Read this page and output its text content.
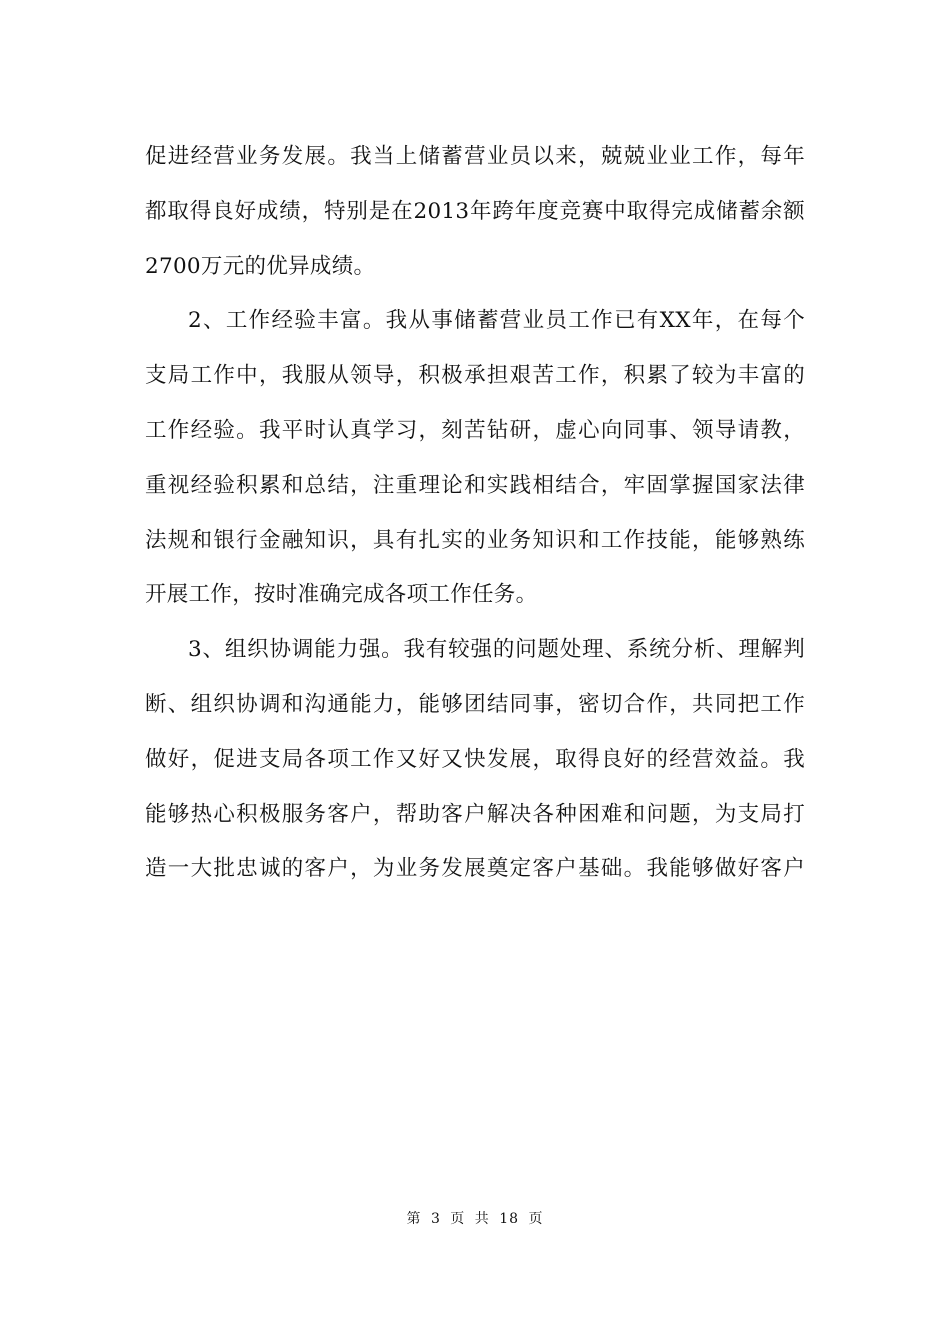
促进经营业务发展。我当上储蓄营业员以来，兢兢业业工作，每年
都取得良好成绩，特别是在2013年跨年度竞赛中取得完成储蓄余额
2700万元的优异成绩。
2、工作经验丰富。我从事储蓄营业员工作已有XX年，在每个
支局工作中，我服从领导，积极承担艰苦工作，积累了较为丰富的
工作经验。我平时认真学习，刻苦钻研，虚心向同事、领导请教，
重视经验积累和总结，注重理论和实践相结合，牢固掌握国家法律
法规和银行金融知识，具有扎实的业务知识和工作技能，能够熟练
开展工作，按时准确完成各项工作任务。
3、组织协调能力强。我有较强的问题处理、系统分析、理解判
断、组织协调和沟通能力，能够团结同事，密切合作，共同把工作
做好，促进支局各项工作又好又快发展，取得良好的经营效益。我
能够热心积极服务客户，帮助客户解决各种困难和问题，为支局打
造一大批忠诚的客户，为业务发展奠定客户基础。我能够做好客户
第 3 页 共 18 页
